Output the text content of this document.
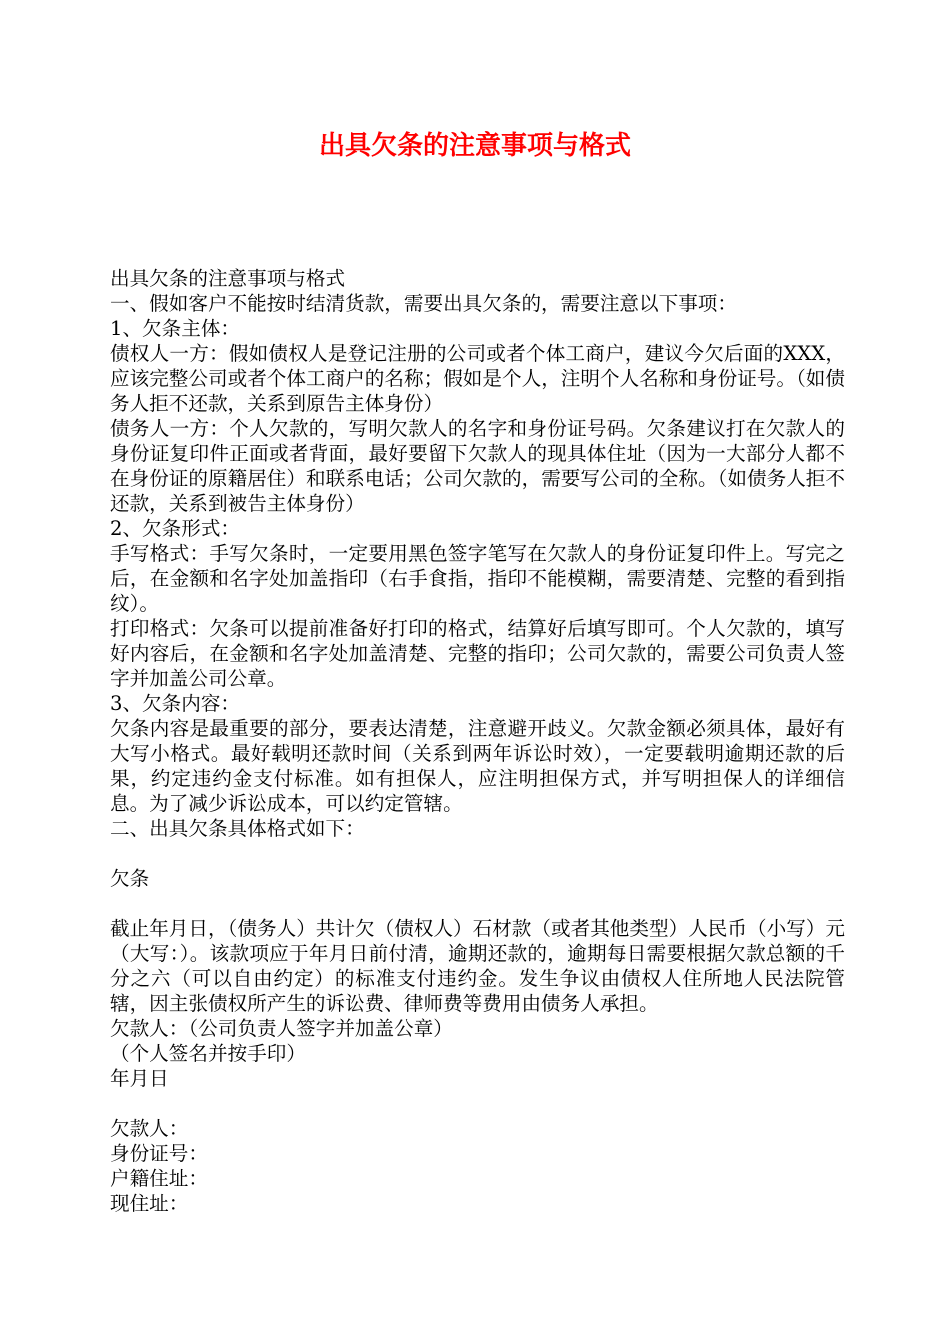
出具欠条的注意事项与格式

出具欠条的注意事项与格式

一、假如客户不能按时结清货款，需要出具欠条的，需要注意以下事项：

1、欠条主体：

债权人一方：假如债权人是登记注册的公司或者个体工商户，建议今欠后面的XXX，应该完整公司或者个体工商户的名称；假如是个人，注明个人名称和身份证号。（如债务人拒不还款，关系到原告主体身份）

债务人一方：个人欠款的，写明欠款人的名字和身份证号码。欠条建议打在欠款人的身份证复印件正面或者背面，最好要留下欠款人的现具体住址（因为一大部分人都不在身份证的原籍居住）和联系电话；公司欠款的，需要写公司的全称。（如债务人拒不还款，关系到被告主体身份）

2、欠条形式：

手写格式：手写欠条时，一定要用黑色签字笔写在欠款人的身份证复印件上。写完之后，在金额和名字处加盖指印（右手食指，指印不能模糊，需要清楚、完整的看到指纹）。

打印格式：欠条可以提前准备好打印的格式，结算好后填写即可。个人欠款的，填写好内容后，在金额和名字处加盖清楚、完整的指印；公司欠款的，需要公司负责人签字并加盖公司公章。

3、欠条内容：

欠条内容是最重要的部分，要表达清楚，注意避开歧义。欠款金额必须具体，最好有大写小格式。最好载明还款时间（关系到两年诉讼时效），一定要载明逾期还款的后果，约定违约金支付标准。如有担保人，应注明担保方式，并写明担保人的详细信息。为了减少诉讼成本，可以约定管辖。

二、出具欠条具体格式如下：

欠条

截止年月日，（债务人）共计欠（债权人）石材款（或者其他类型）人民币（小写）元（大写：）。该款项应于年月日前付清，逾期还款的，逾期每日需要根据欠款总额的千分之六（可以自由约定）的标准支付违约金。发生争议由债权人住所地人民法院管辖，因主张债权所产生的诉讼费、律师费等费用由债务人承担。

欠款人：（公司负责人签字并加盖公章）

（个人签名并按手印）

年月日

欠款人：

身份证号：

户籍住址：

现住址：
